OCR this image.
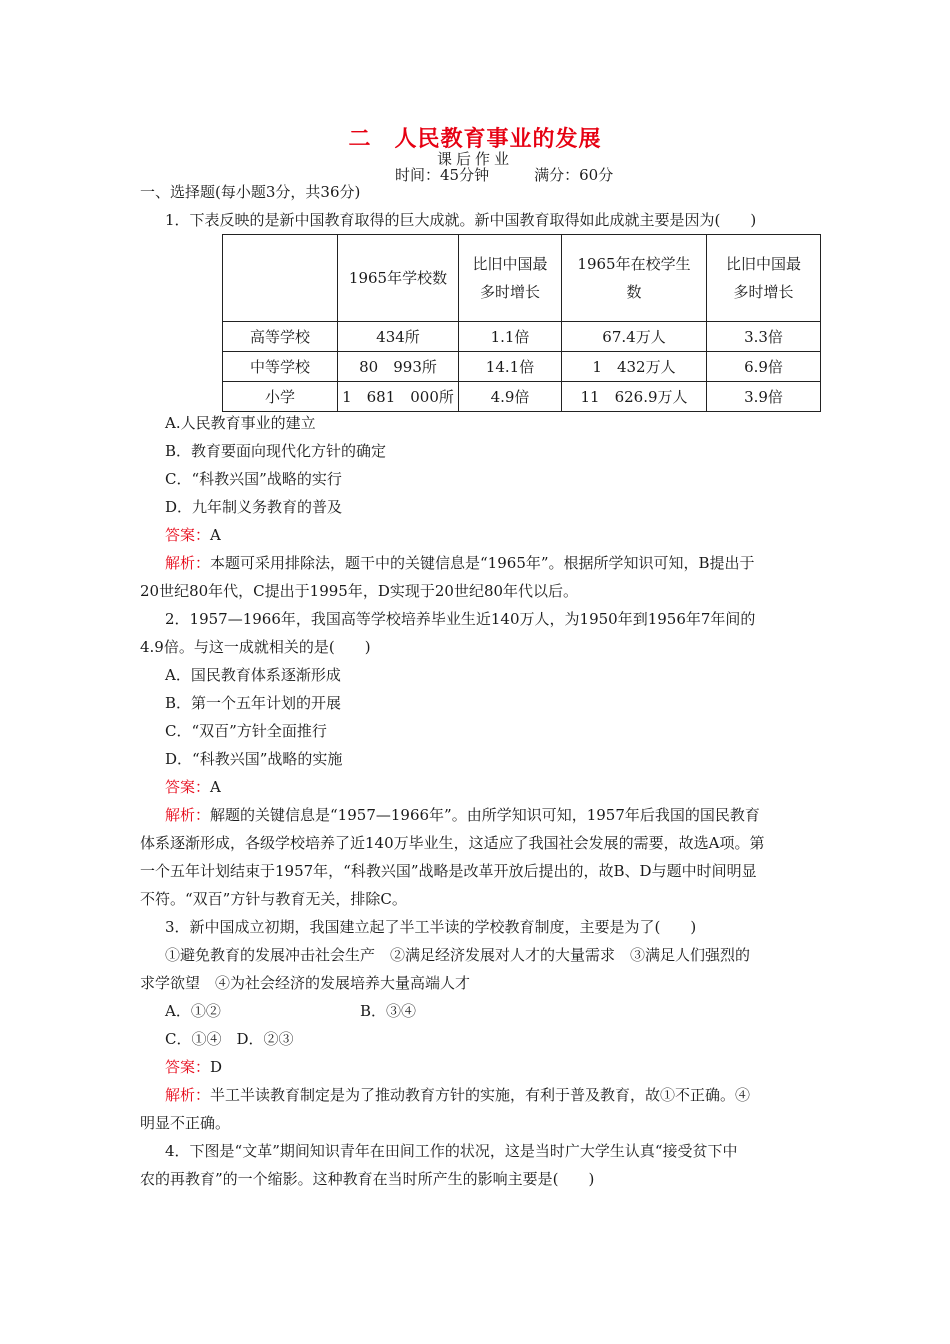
二　人民教育事业的发展
课后作业
时间：45分钟　　　	满分：60分
一、选择题(每小题3分，共36分)
1．下表反映的是新中国教育取得的巨大成就。新中国教育取得如此成就主要是因为(　　)
	1965年学校数	比旧中国最多时增长	1965年在校学生数	比旧中国最多时增长
高等学校	434所	1.1倍	67.4万人	3.3倍
中等学校	80　993所	14.1倍	1　432万人	6.9倍
小学	1　681　000所	4.9倍	11　626.9万人	3.9倍
A.人民教育事业的建立
B．教育要面向现代化方针的确定
C．“科教兴国”战略的实行
D．九年制义务教育的普及
答案：A
解析：本题可采用排除法，题干中的关键信息是“1965年”。根据所学知识可知，B提出于
20世纪80年代，C提出于1995年，D实现于20世纪80年代以后。
2．1957—1966年，我国高等学校培养毕业生近140万人，为1950年到1956年7年间的
4.9倍。与这一成就相关的是(　　)
A．国民教育体系逐渐形成
B．第一个五年计划的开展
C．“双百”方针全面推行
D．“科教兴国”战略的实施
答案：A
解析：解题的关键信息是“1957—1966年”。由所学知识可知，1957年后我国的国民教育
体系逐渐形成，各级学校培养了近140万毕业生，这适应了我国社会发展的需要，故选A项。第
一个五年计划结束于1957年，“科教兴国”战略是改革开放后提出的，故B、D与题中时间明显
不符。“双百”方针与教育无关，排除C。
3．新中国成立初期，我国建立起了半工半读的学校教育制度，主要是为了(　　)
①避免教育的发展冲击社会生产　②满足经济发展对人才的大量需求　③满足人们强烈的
求学欲望　④为社会经济的发展培养大量高端人才
A．①②	B．③④
C．①④　D．②③
答案：D
解析：半工半读教育制定是为了推动教育方针的实施，有利于普及教育，故①不正确。④
明显不正确。
4．下图是“文革”期间知识青年在田间工作的状况，这是当时广大学生认真“接受贫下中
农的再教育”的一个缩影。这种教育在当时所产生的影响主要是(　　)
